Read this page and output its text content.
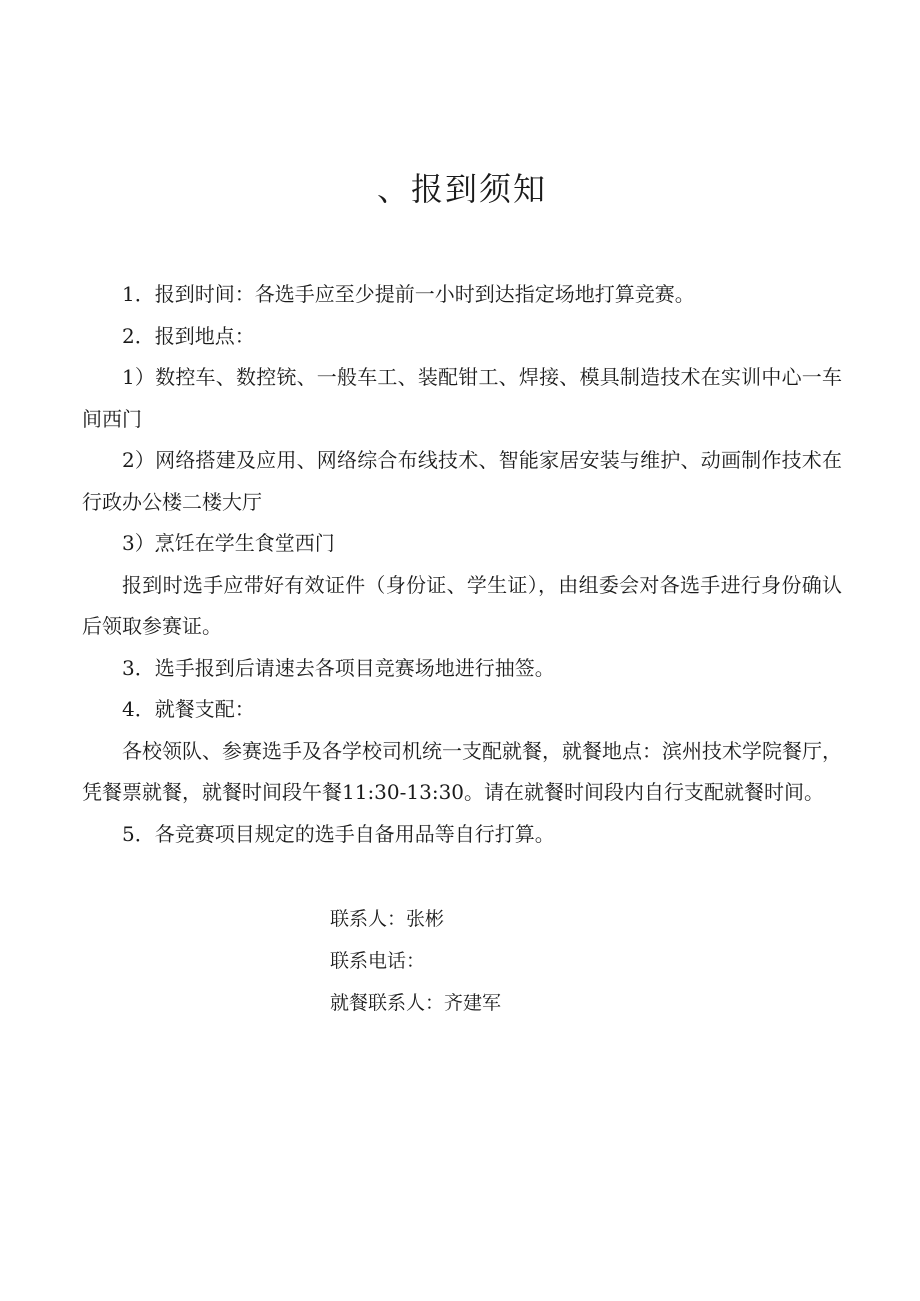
、报到须知

1．报到时间：各选手应至少提前一小时到达指定场地打算竞赛。

2．报到地点：

1）数控车、数控铳、一般车工、装配钳工、焊接、模具制造技术在实训中心一车间西门

2）网络搭建及应用、网络综合布线技术、智能家居安装与维护、动画制作技术在行政办公楼二楼大厅

3）烹饪在学生食堂西门

报到时选手应带好有效证件（身份证、学生证），由组委会对各选手进行身份确认后领取参赛证。

3．选手报到后请速去各项目竞赛场地进行抽签。

4．就餐支配：

各校领队、参赛选手及各学校司机统一支配就餐，就餐地点：滨州技术学院餐厅，凭餐票就餐，就餐时间段午餐11:30-13:30。请在就餐时间段内自行支配就餐时间。

5．各竞赛项目规定的选手自备用品等自行打算。

联系人：张彬

联系电话：

就餐联系人：齐建军
